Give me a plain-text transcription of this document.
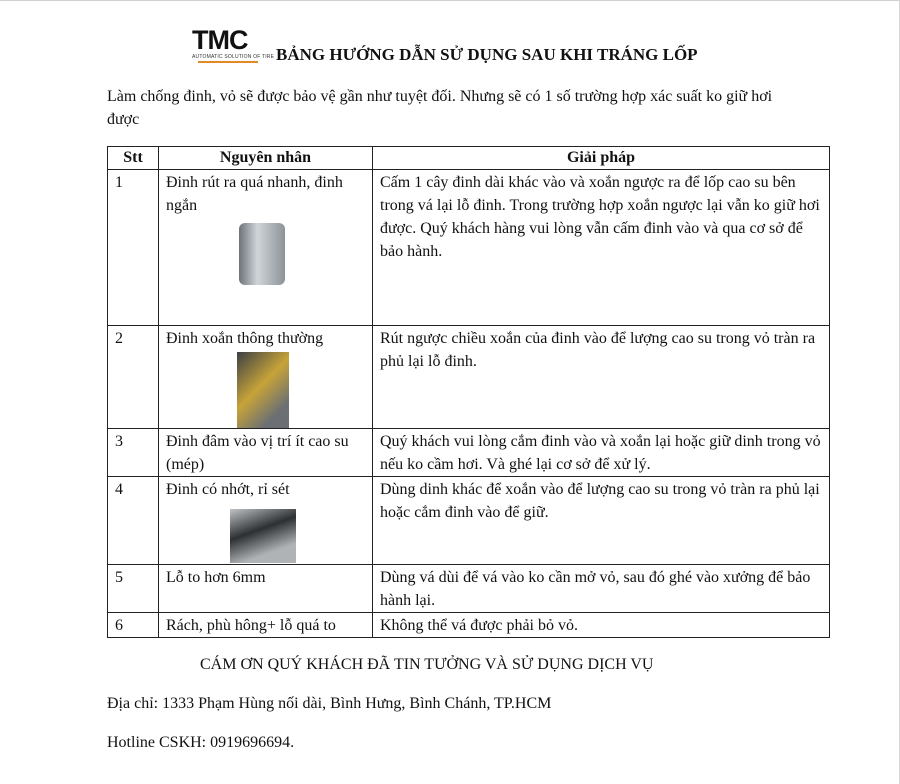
TMC
AUTOMATIC SOLUTION OF TIRE BẢNG HƯỚNG DẪN SỬ DỤNG SAU KHI TRÁNG LỐP
Làm chống đinh, vỏ sẽ được bảo vệ gần như tuyệt đối. Nhưng sẽ có 1 số trường hợp xác suất ko giữ hơi được
Stt	Nguyên nhân	Giải pháp
1	Đinh rút ra quá nhanh, đinh ngắn	Cấm 1 cây đinh dài khác vào và xoắn ngược ra để lốp cao su bên trong vá lại lỗ đinh. Trong trường hợp xoắn ngược lại vẫn ko giữ hơi được. Quý khách hàng vui lòng vẫn cấm đinh vào và qua cơ sở để bảo hành.
2	Đinh xoắn thông thường	Rút ngược chiều xoắn của đinh vào để lượng cao su trong vỏ tràn ra phủ lại lỗ đinh.
3	Đinh đâm vào vị trí ít cao su (mép)	Quý khách vui lòng cắm đinh vào và xoắn lại hoặc giữ dinh trong vỏ nếu ko cầm hơi. Và ghé lại cơ sở để xử lý.
4	Đinh có nhớt, rỉ sét	Dùng dinh khác để xoắn vào để lượng cao su trong vỏ tràn ra phủ lại hoặc cắm đinh vào để giữ.
5	Lỗ to hơn 6mm	Dùng vá dùi để vá vào ko cần mở vỏ, sau đó ghé vào xưởng để bảo hành lại.
6	Rách, phù hông+ lỗ quá to	Không thể vá được phải bỏ vỏ.
CÁM ƠN QUÝ KHÁCH ĐÃ TIN TƯỞNG VÀ SỬ DỤNG DỊCH VỤ
Địa chỉ: 1333 Phạm Hùng nối dài, Bình Hưng, Bình Chánh, TP.HCM
Hotline CSKH: 0919696694.
